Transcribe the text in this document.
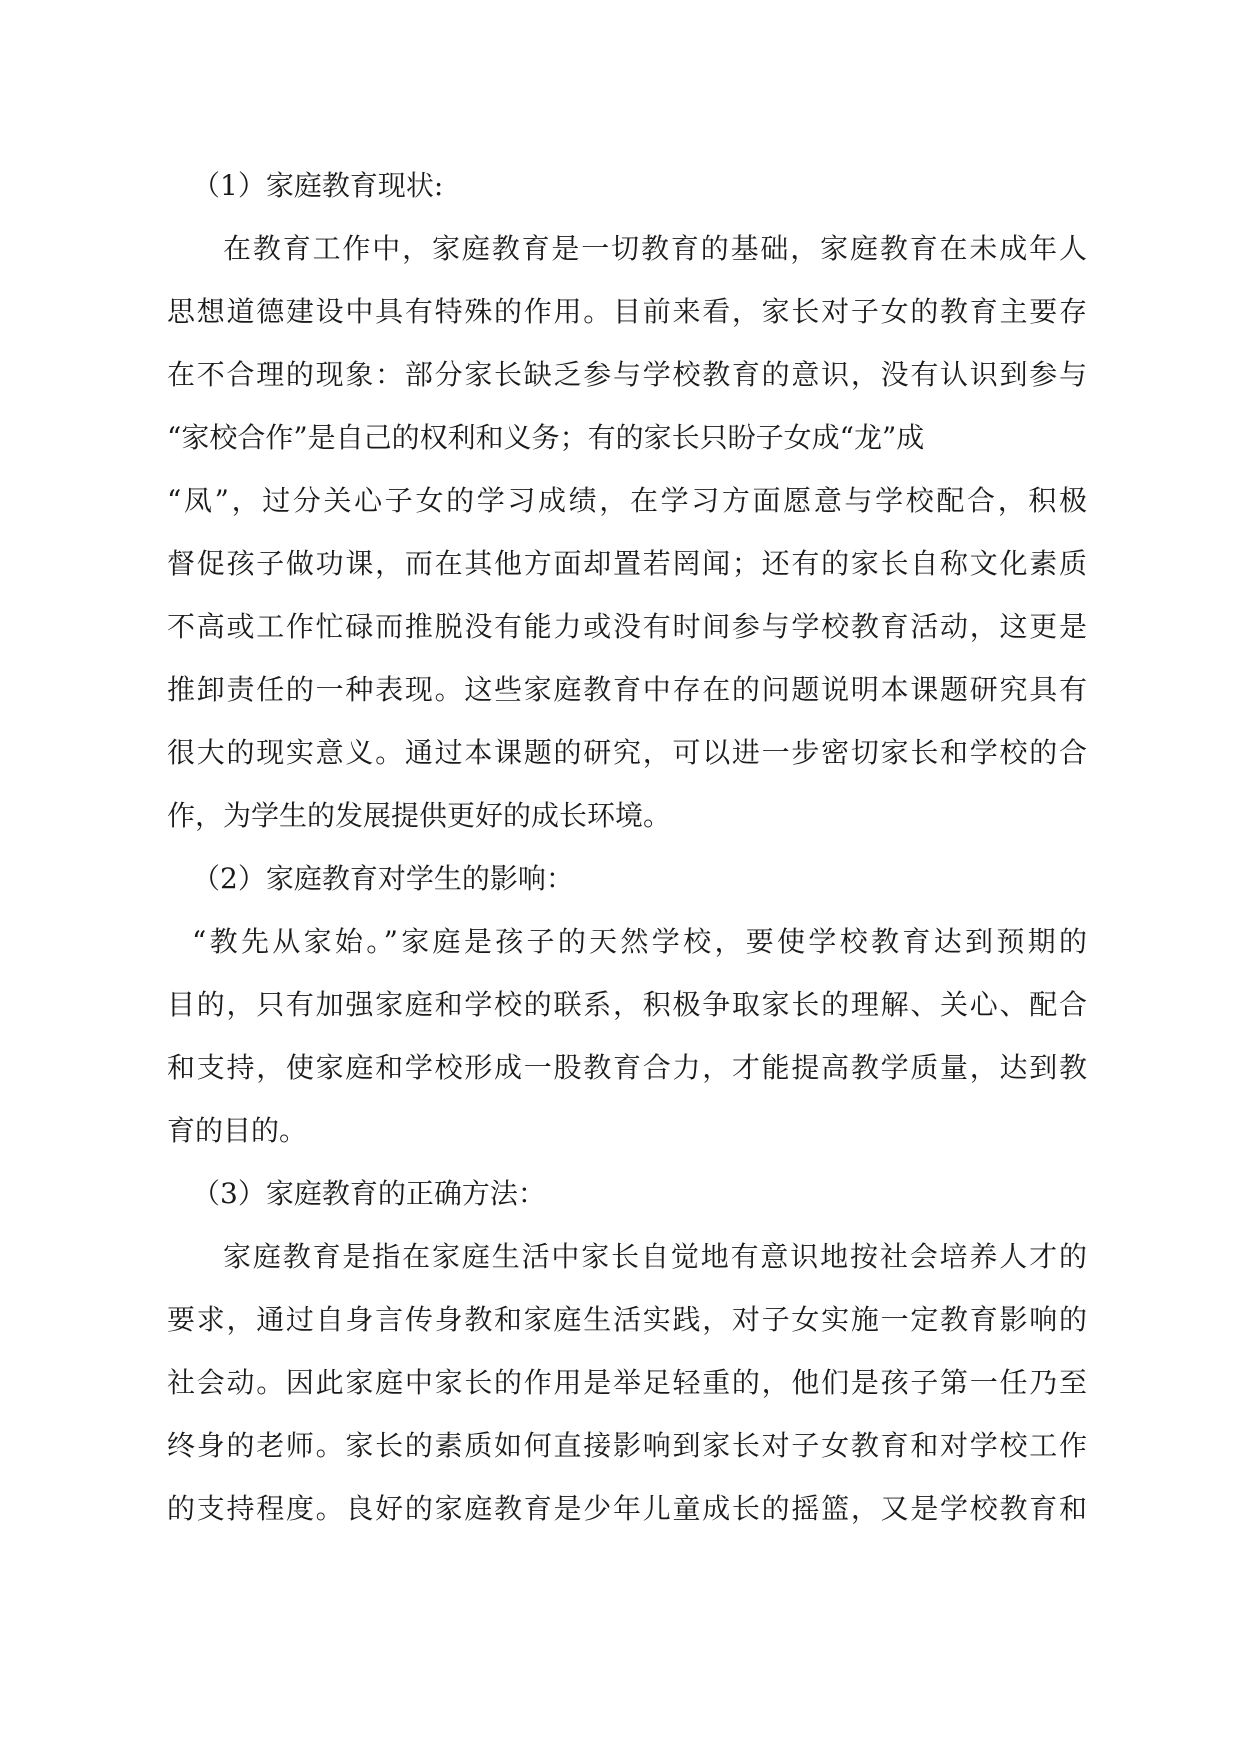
（1）家庭教育现状:
在教育工作中，家庭教育是一切教育的基础，家庭教育在未成年人
思想道德建设中具有特殊的作用。目前来看，家长对子女的教育主要存
在不合理的现象：部分家长缺乏参与学校教育的意识，没有认识到参与
“家校合作”是自己的权利和义务；有的家长只盼子女成“龙”成
“凤”，过分关心子女的学习成绩，在学习方面愿意与学校配合，积极
督促孩子做功课，而在其他方面却置若罔闻；还有的家长自称文化素质
不高或工作忙碌而推脱没有能力或没有时间参与学校教育活动，这更是
推卸责任的一种表现。这些家庭教育中存在的问题说明本课题研究具有
很大的现实意义。通过本课题的研究，可以进一步密切家长和学校的合
作，为学生的发展提供更好的成长环境。
（2）家庭教育对学生的影响：
“教先从家始。”家庭是孩子的天然学校，要使学校教育达到预期的
目的，只有加强家庭和学校的联系，积极争取家长的理解、关心、配合
和支持，使家庭和学校形成一股教育合力，才能提高教学质量，达到教
育的目的。
（3）家庭教育的正确方法：
家庭教育是指在家庭生活中家长自觉地有意识地按社会培养人才的
要求，通过自身言传身教和家庭生活实践，对子女实施一定教育影响的
社会动。因此家庭中家长的作用是举足轻重的，他们是孩子第一任乃至
终身的老师。家长的素质如何直接影响到家长对子女教育和对学校工作
的支持程度。良好的家庭教育是少年儿童成长的摇篮，又是学校教育和
